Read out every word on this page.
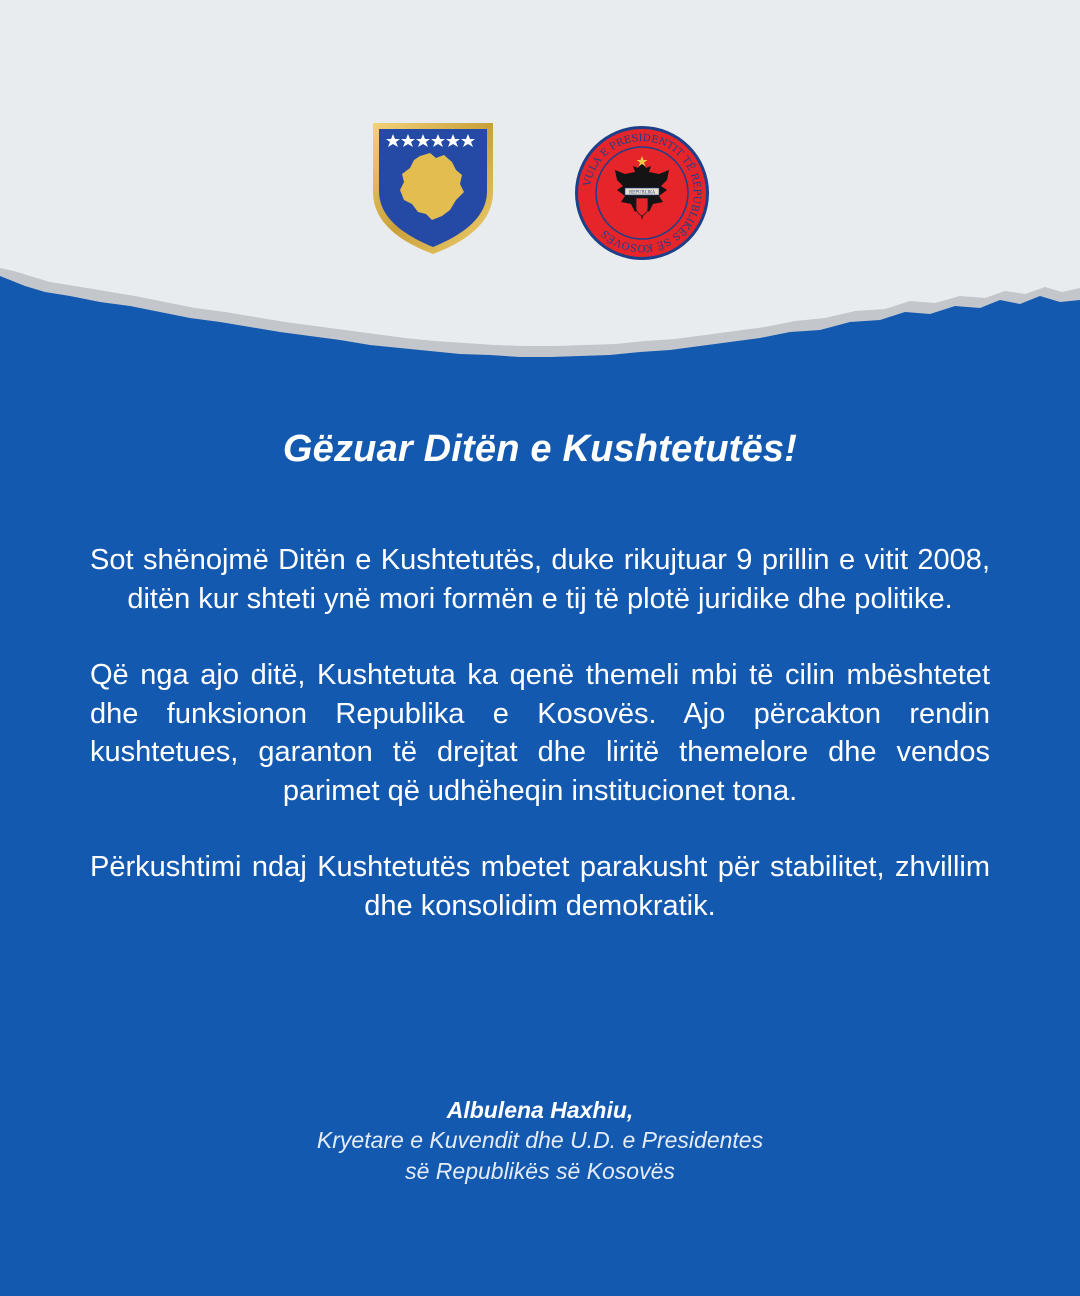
VULA E PRESIDENTIT TË REPUBLIKËS SË KOSOVËS
REPUBLIKA
Gëzuar Ditën e Kushtetutës!

Sot shënojmë Ditën e Kushtetutës, duke rikujtuar 9 prillin e vitit 2008, ditën kur shteti ynë mori formën e tij të plotë juridike dhe politike.

Që nga ajo ditë, Kushtetuta ka qenë themeli mbi të cilin mbështetet dhe funksionon Republika e Kosovës. Ajo përcakton rendin kushtetues, garanton të drejtat dhe liritë themelore dhe vendos parimet që udhëheqin institucionet tona.

Përkushtimi ndaj Kushtetutës mbetet parakusht për stabilitet, zhvillim dhe konsolidim demokratik.

Albulena Haxhiu,
Kryetare e Kuvendit dhe U.D. e Presidentes
së Republikës së Kosovës
